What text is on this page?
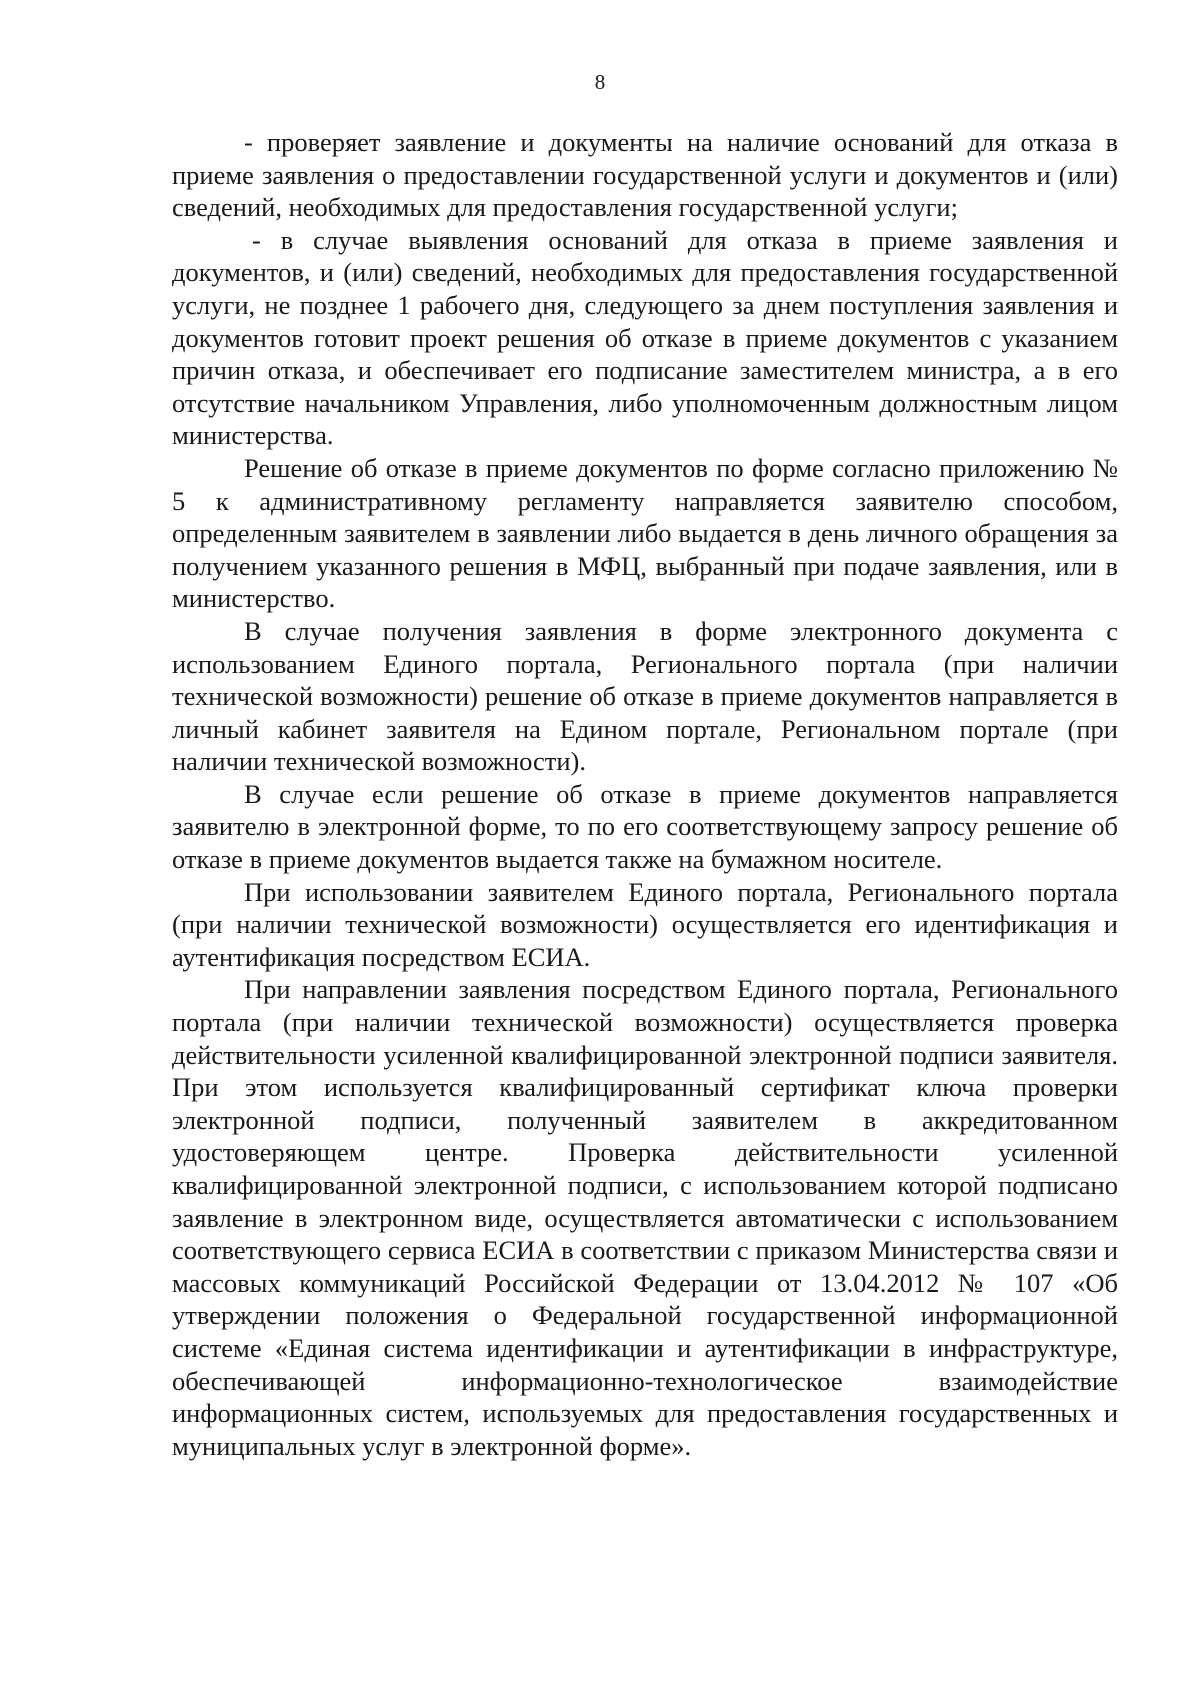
8

- проверяет заявление и документы на наличие оснований для отказа в приеме заявления о предоставлении государственной услуги и документов и (или) сведений, необходимых для предоставления государственной услуги;

- в случае выявления оснований для отказа в приеме заявления и документов, и (или) сведений, необходимых для предоставления государственной услуги, не позднее 1 рабочего дня, следующего за днем поступления заявления и документов готовит проект решения об отказе в приеме документов с указанием причин отказа, и обеспечивает его подписание заместителем министра, а в его отсутствие начальником Управления, либо уполномоченным должностным лицом министерства.

Решение об отказе в приеме документов по форме согласно приложению № 5 к административному регламенту направляется заявителю способом, определенным заявителем в заявлении либо выдается в день личного обращения за получением указанного решения в МФЦ, выбранный при подаче заявления, или в министерство.

В случае получения заявления в форме электронного документа с использованием Единого портала, Регионального портала (при наличии технической возможности) решение об отказе в приеме документов направляется в личный кабинет заявителя на Едином портале, Региональном портале (при наличии технической возможности).

В случае если решение об отказе в приеме документов направляется заявителю в электронной форме, то по его соответствующему запросу решение об отказе в приеме документов выдается также на бумажном носителе.

При использовании заявителем Единого портала, Регионального портала (при наличии технической возможности) осуществляется его идентификация и аутентификация посредством ЕСИА.

При направлении заявления посредством Единого портала, Регионального портала (при наличии технической возможности) осуществляется проверка действительности усиленной квалифицированной электронной подписи заявителя. При этом используется квалифицированный сертификат ключа проверки электронной подписи, полученный заявителем в аккредитованном удостоверяющем центре. Проверка действительности усиленной квалифицированной электронной подписи, с использованием которой подписано заявление в электронном виде, осуществляется автоматически с использованием соответствующего сервиса ЕСИА в соответствии с приказом Министерства связи и массовых коммуникаций Российской Федерации от 13.04.2012 № 107 «Об утверждении положения о Федеральной государственной информационной системе «Единая система идентификации и аутентификации в инфраструктуре, обеспечивающей информационно-технологическое взаимодействие информационных систем, используемых для предоставления государственных и муниципальных услуг в электронной форме».
